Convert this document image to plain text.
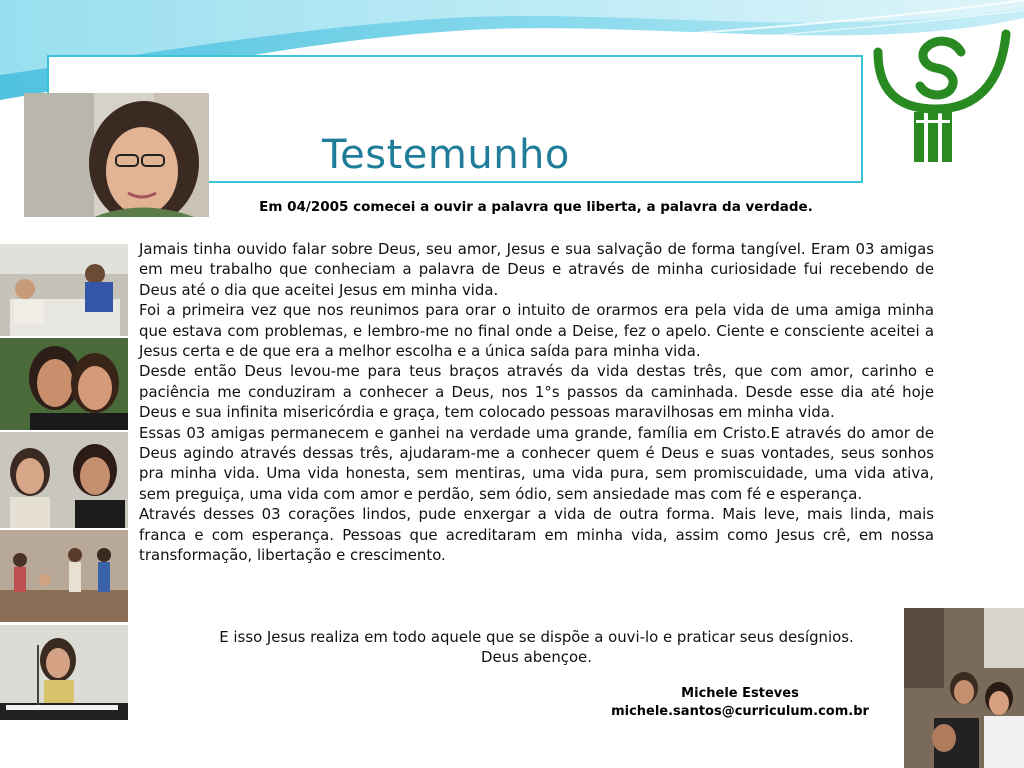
Testemunho
Em 04/2005 comecei a ouvir a palavra que liberta, a palavra da verdade.

Jamais tinha ouvido falar sobre Deus, seu amor, Jesus e sua salvação de forma tangível. Eram 03 amigas em meu trabalho que conheciam a palavra de Deus e através de minha curiosidade fui recebendo de Deus até o dia que aceitei Jesus em minha vida.

Foi a primeira vez que nos reunimos para orar o intuito de orarmos era pela vida de uma amiga minha que estava com problemas, e lembro-me no final onde a Deise, fez o apelo. Ciente e consciente aceitei a Jesus certa e de que era a melhor escolha e a única saída para minha vida.

Desde então Deus levou-me para teus braços através da vida destas três, que com amor, carinho e paciência me conduziram a conhecer a Deus, nos 1°s passos da caminhada. Desde esse dia até hoje Deus e sua infinita misericórdia e graça, tem colocado pessoas maravilhosas em minha vida.

Essas 03 amigas permanecem e ganhei na verdade uma grande, família em Cristo.E através do amor de Deus agindo através dessas três, ajudaram-me a conhecer quem é Deus e suas vontades, seus sonhos pra minha vida. Uma vida honesta, sem mentiras, uma vida pura, sem promiscuidade, uma vida ativa, sem preguiça, uma vida com amor e perdão, sem ódio, sem ansiedade mas com fé e esperança.

Através desses 03 corações lindos, pude enxergar a vida de outra forma. Mais leve, mais linda, mais franca e com esperança. Pessoas que acreditaram em minha vida, assim como Jesus crê, em nossa transformação, libertação e crescimento.

E isso Jesus realiza em todo aquele que se dispõe a ouvi-lo e praticar seus desígnios.

Deus abençoe.

Michele Esteves
michele.santos@curriculum.com.br
